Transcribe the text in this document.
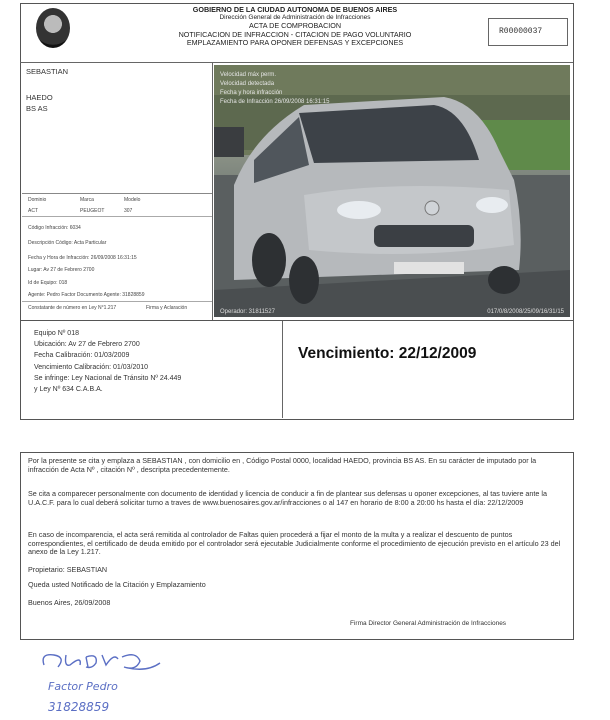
GOBIERNO DE LA CIUDAD AUTONOMA DE BUENOS AIRES
Dirección General de Administración de Infracciones
ACTA DE COMPROBACION
NOTIFICACION DE INFRACCION - CITACION DE PAGO VOLUNTARIO
EMPLAZAMIENTO PARA OPONER DEFENSAS Y EXCEPCIONES
R00000037
SEBASTIAN
HAEDO
BS AS
Dominio	Marca	Modelo
ACT	PEUGEOT	307
Código Infracción: 6034
Descripción Código: Acta Particular
Fecha y Hora de Infracción: 26/09/2008 16:31:15
Lugar: Av 27 de Febrero 2700
Id de Equipo: 018
Agente: Pedro Factor Documento Agente: 31828859
Constatante de número en Ley N°1.217	Firma y Aclaración
Velocidad máx perm.
Velocidad detectada
Fecha y hora infracción
Fecha de Infracción 26/09/2008 16:31:15
Operador: 31811527	017/0/8/2008/25/09/16/31/15
Equipo Nº 018
Ubicación: Av 27 de Febrero 2700
Fecha Calibración: 01/03/2009
Vencimiento Calibración: 01/03/2010
Se infringe: Ley Nacional de Tránsito Nº 24.449
y Ley Nº 634 C.A.B.A.
Vencimiento: 22/12/2009
Por la presente se cita y emplaza a SEBASTIAN , con domicilio en , Código Postal 0000, localidad HAEDO, provincia BS AS. En su carácter de imputado por la infracción de Acta Nº , citación Nº , descripta precedentemente.
Se cita a comparecer personalmente con documento de identidad y licencia de conducir a fin de plantear sus defensas u oponer excepciones, al tas tuviere ante la U.A.C.F. para lo cual deberá solicitar turno a traves de www.buenosaires.gov.ar/infracciones o al 147 en horario de 8:00 a 20:00 hs hasta el día: 22/12/2009
En caso de incomparencia, el acta será remitida al controlador de Faltas quien procederá a fijar el monto de la multa y a realizar el descuento de puntos correspondientes, el certificado de deuda emitido por el controlador será ejecutable Judicialmente conforme el procedimiento de ejecución previsto en el artículo 23 del anexo de la Ley 1.217.
Propietario: SEBASTIAN
Queda usted Notificado de la Citación y Emplazamiento
Buenos Aires, 26/09/2008
Firma Director General Administración de Infracciones
Factor Pedro
31828859
